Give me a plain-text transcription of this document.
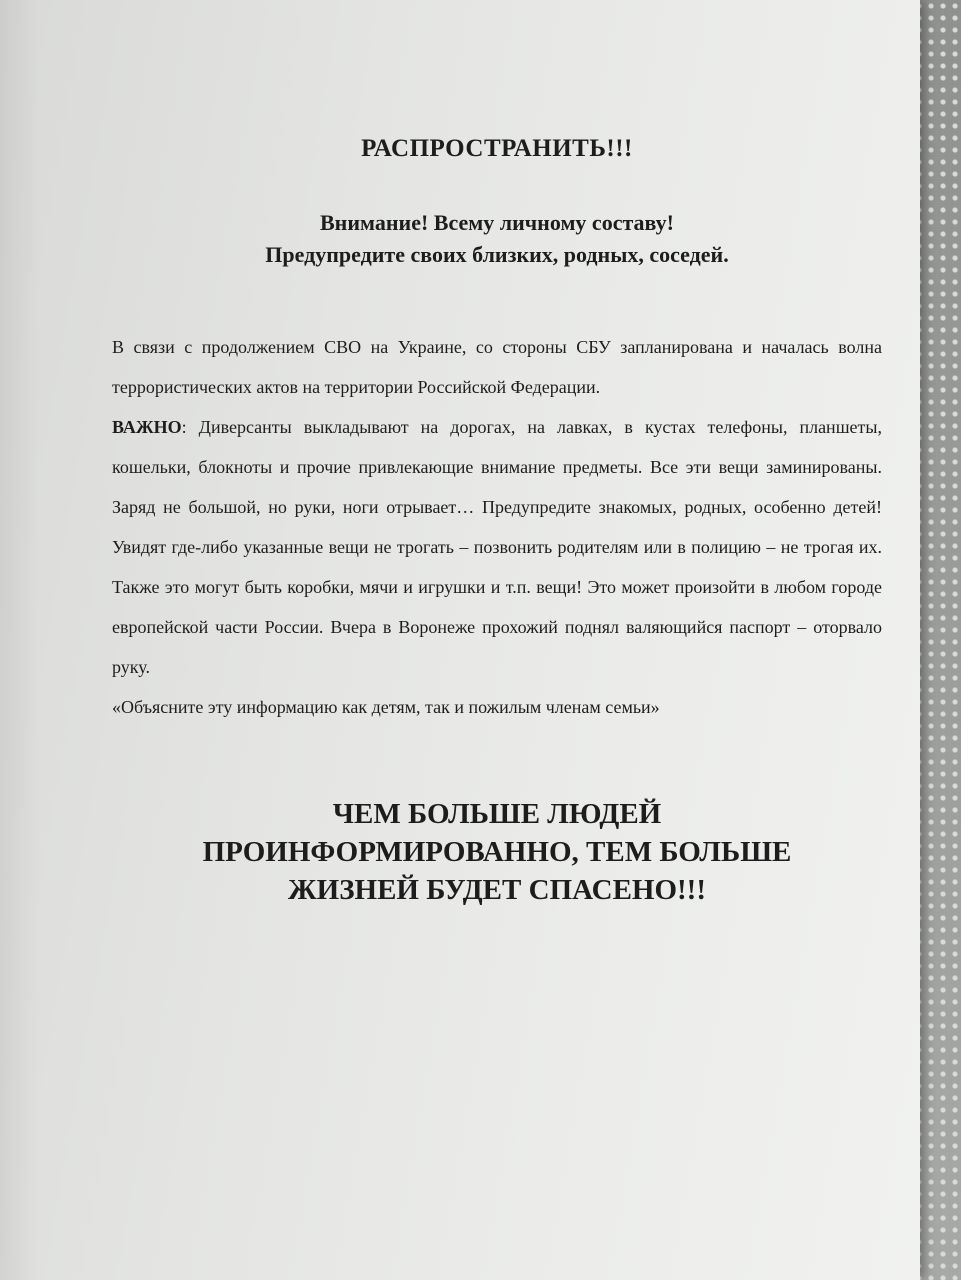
РАСПРОСТРАНИТЬ!!!
Внимание! Всему личному составу!
Предупредите своих близких, родных, соседей.

В связи с продолжением СВО на Украине, со стороны СБУ запланирована и началась волна террористических актов на территории Российской Федерации.

ВАЖНО: Диверсанты выкладывают на дорогах, на лавках, в кустах телефоны, планшеты, кошельки, блокноты и прочие привлекающие внимание предметы. Все эти вещи заминированы. Заряд не большой, но руки, ноги отрывает… Предупредите знакомых, родных, особенно детей! Увидят где-либо указанные вещи не трогать – позвонить родителям или в полицию – не трогая их. Также это могут быть коробки, мячи и игрушки и т.п. вещи! Это может произойти в любом городе европейской части России. Вчера в Воронеже прохожий поднял валяющийся паспорт – оторвало руку.

«Объясните эту информацию как детям, так и пожилым членам семьи»

ЧЕМ БОЛЬШЕ ЛЮДЕЙ
ПРОИНФОРМИРОВАННО, ТЕМ БОЛЬШЕ
ЖИЗНЕЙ БУДЕТ СПАСЕНО!!!
